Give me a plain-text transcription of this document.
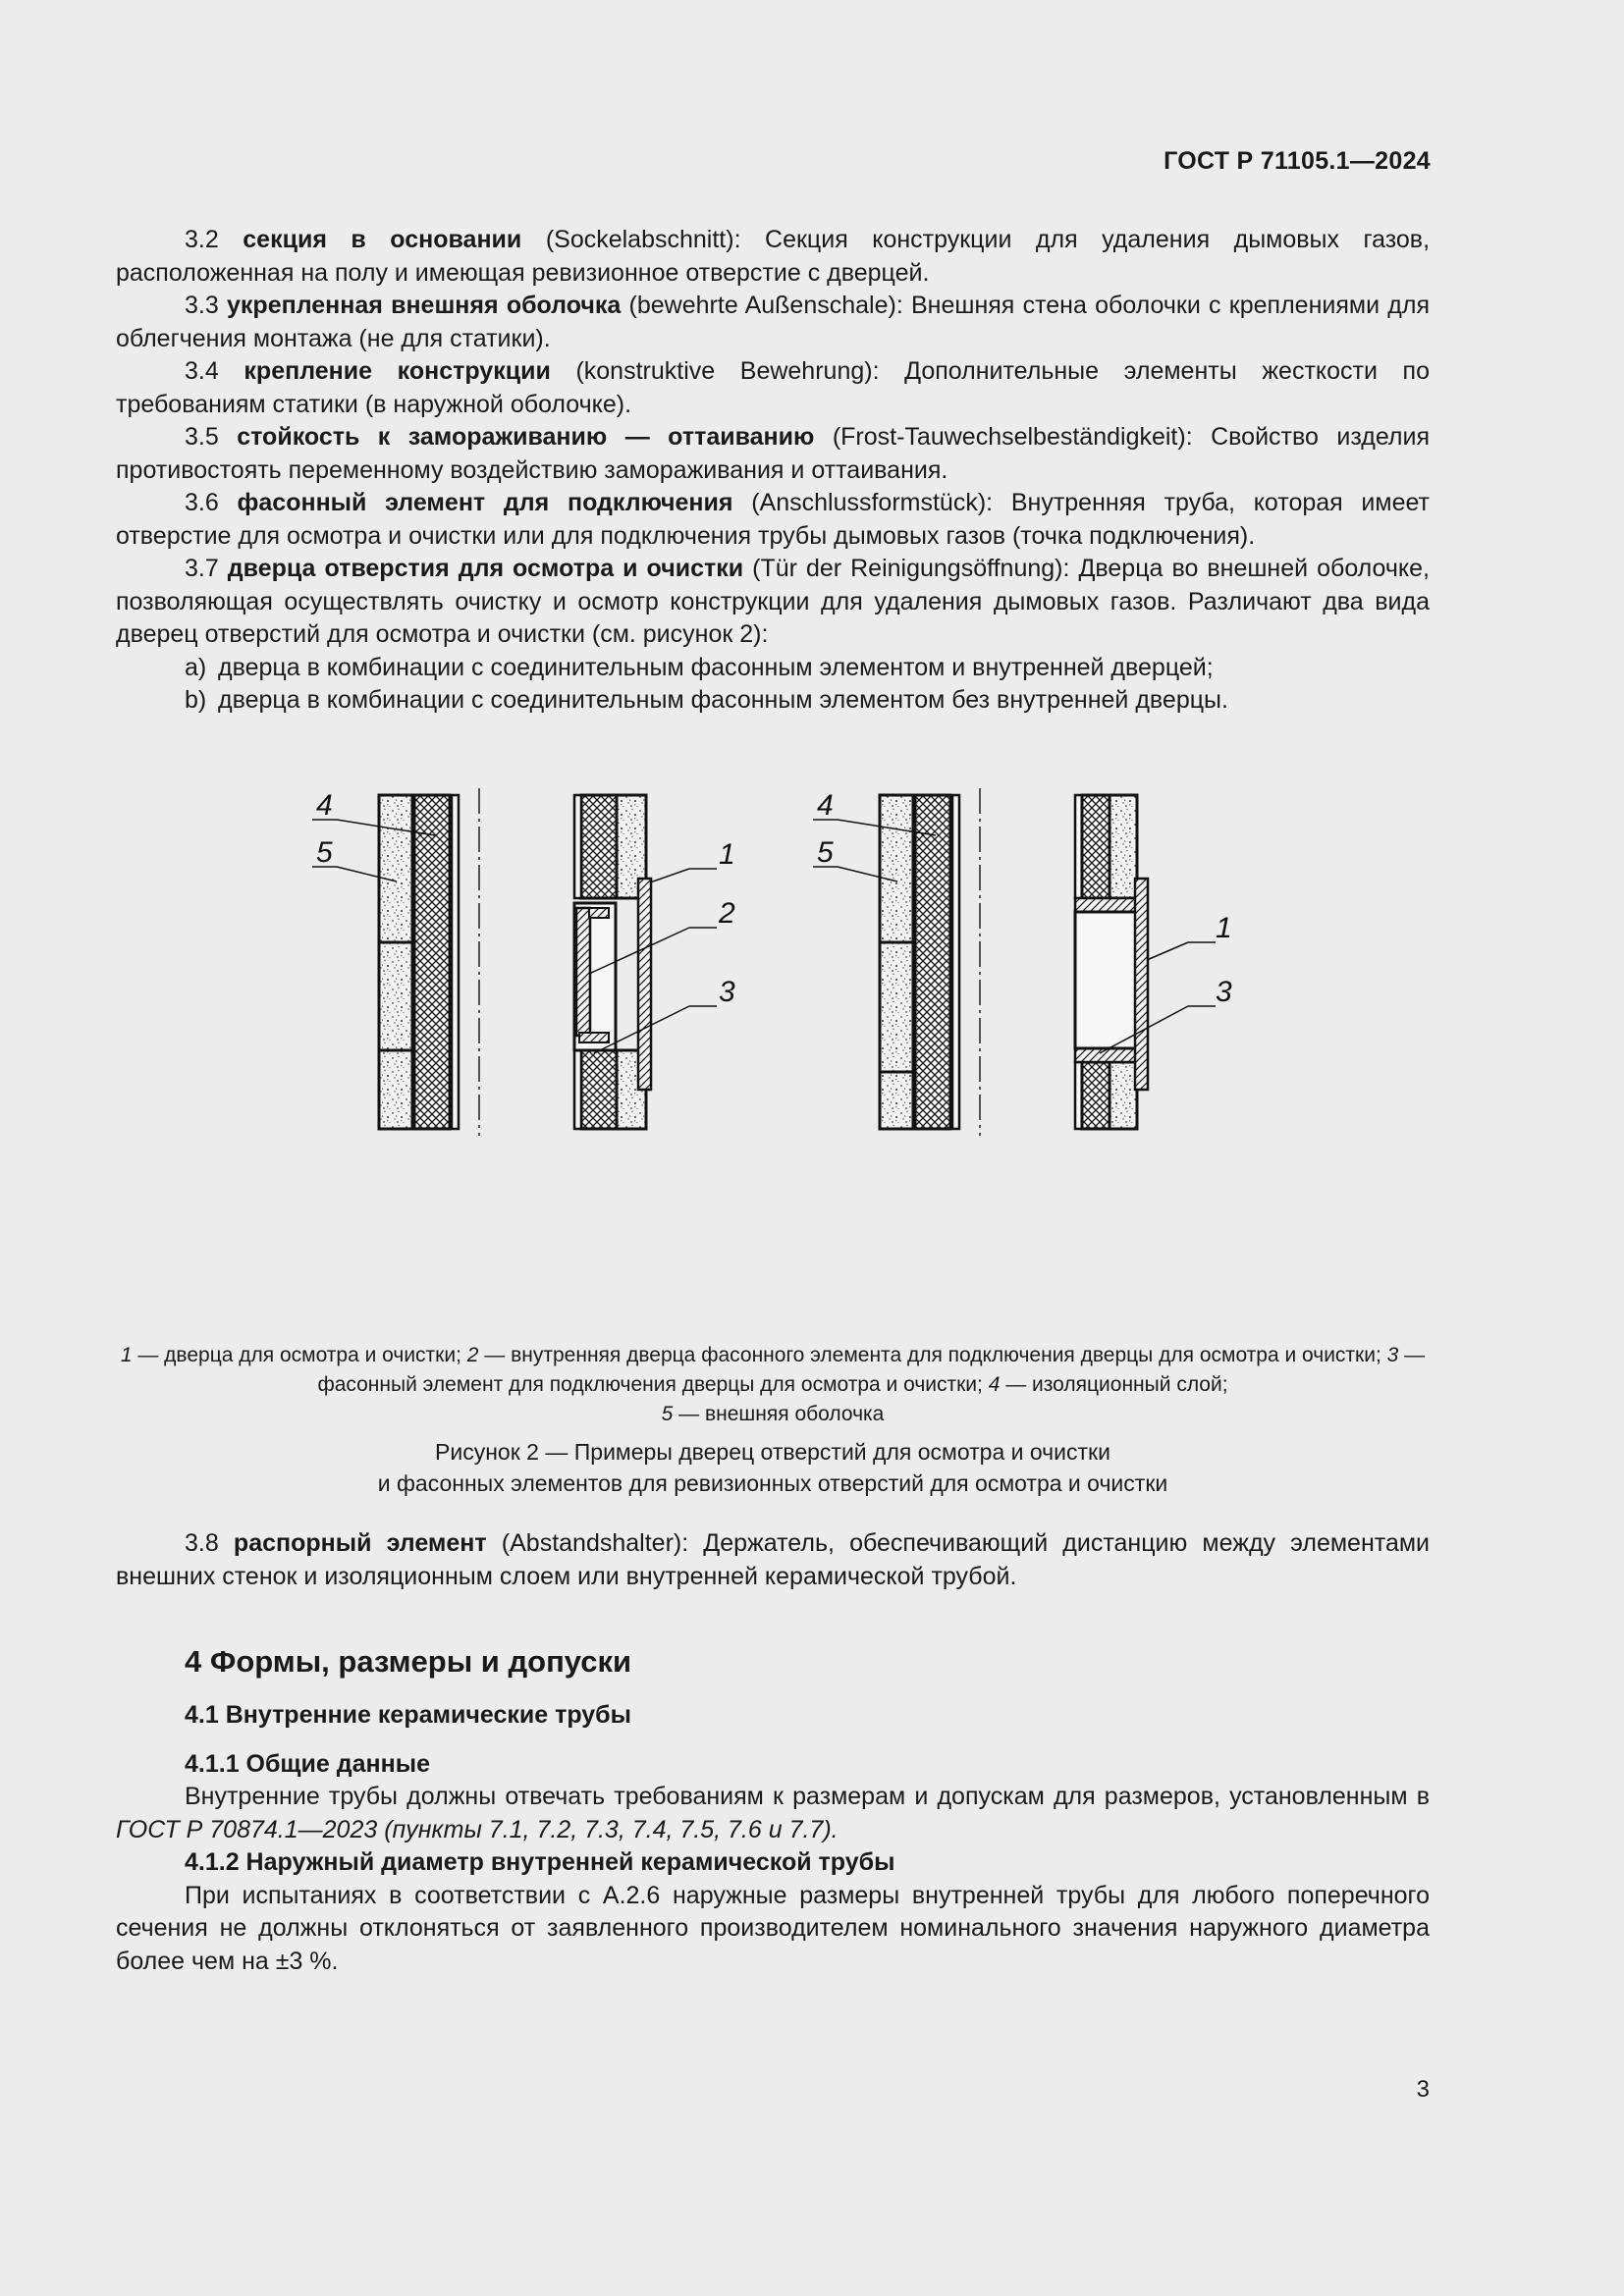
ГОСТ Р 71105.1—2024

3.2 секция в основании (Sockelabschnitt): Секция конструкции для удаления дымовых газов, расположенная на полу и имеющая ревизионное отверстие с дверцей.

3.3 укрепленная внешняя оболочка (bewehrte Außenschale): Внешняя стена оболочки с креплениями для облегчения монтажа (не для статики).

3.4 крепление конструкции (konstruktive Bewehrung): Дополнительные элементы жесткости по требованиям статики (в наружной оболочке).

3.5 стойкость к замораживанию — оттаиванию (Frost-Tauwechselbeständigkeit): Свойство изделия противостоять переменному воздействию замораживания и оттаивания.

3.6 фасонный элемент для подключения (Anschlussformstück): Внутренняя труба, которая имеет отверстие для осмотра и очистки или для подключения трубы дымовых газов (точка подключения).

3.7 дверца отверстия для осмотра и очистки (Tür der Reinigungsöffnung): Дверца во внешней оболочке, позволяющая осуществлять очистку и осмотр конструкции для удаления дымовых газов. Различают два вида дверец отверстий для осмотра и очистки (см. рисунок 2):

a) дверца в комбинации с соединительным фасонным элементом и внутренней дверцей;

b) дверца в комбинации с соединительным фасонным элементом без внутренней дверцы.

4
5	1
2
3
4
5
1
3
1 — дверца для осмотра и очистки; 2 — внутренняя дверца фасонного элемента для подключения дверцы для осмотра и очистки; 3 — фасонный элемент для подключения дверцы для осмотра и очистки; 4 — изоляционный слой;
5 — внешняя оболочка
Рисунок 2 — Примеры дверец отверстий для осмотра и очистки
и фасонных элементов для ревизионных отверстий для осмотра и очистки

3.8 распорный элемент (Abstandshalter): Держатель, обеспечивающий дистанцию между элементами внешних стенок и изоляционным слоем или внутренней керамической трубой.

4 Формы, размеры и допуски
4.1 Внутренние керамические трубы
4.1.1 Общие данные

Внутренние трубы должны отвечать требованиям к размерам и допускам для размеров, установленным в ГОСТ Р 70874.1—2023 (пункты 7.1, 7.2, 7.3, 7.4, 7.5, 7.6 и 7.7).

4.1.2 Наружный диаметр внутренней керамической трубы

При испытаниях в соответствии с А.2.6 наружные размеры внутренней трубы для любого поперечного сечения не должны отклоняться от заявленного производителем номинального значения наружного диаметра более чем на ±3 %.

3
